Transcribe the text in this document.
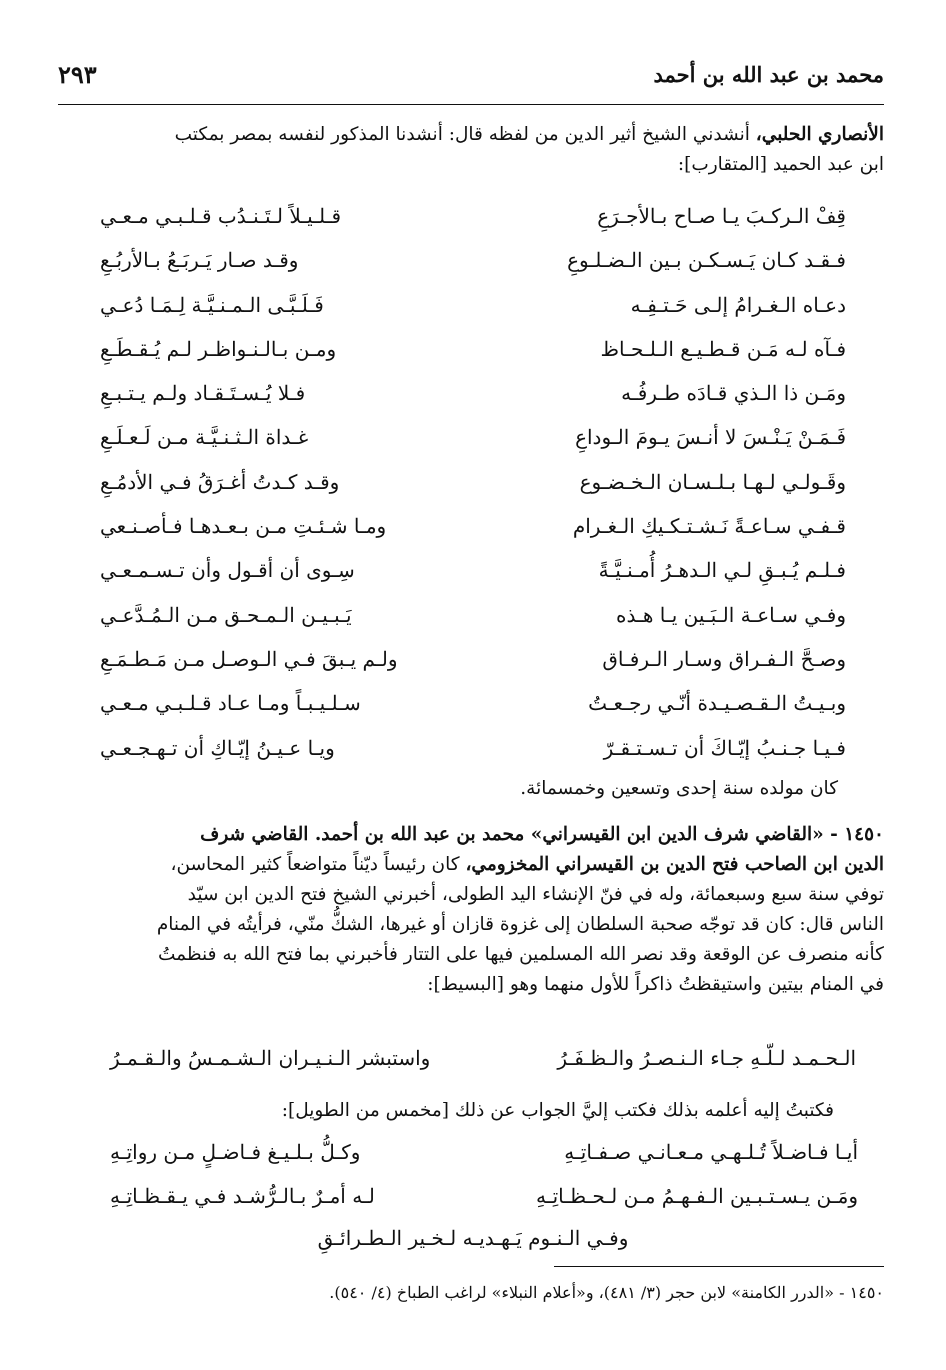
محمد بن عبد الله بن أحمد
٢٩٣
الأنصاري الحلبي، أنشدني الشيخ أثير الدين من لفظه قال: أنشدنا المذكور لنفسه بمصر بمكتب
ابن عبد الحميد [المتقارب]:
قِفْ الـركـبَ يـا صـاح بـالأجـرَعِ
قـلـيـلاً لـتَـنـدُب قـلـبـي مـعـي
فـقـد كـان يَـسـكـن بـين الـضـلـوعِ
وقـد صـار يَـربَـعُ بـالأربُـعِ
دعـاه الـغـرامُ إلـى حَـتـفِـه
فَـلَـبَّـى الـمـنـيَّـة لِـمَـا دُعـي
فـآه لـه مَـن قـطـيـع الـلـحـاظ
ومـن بـالـنـواظـر لـم يُـقـطَـعِ
ومَـن ذا الـذي قـادَه طـرفُـه
فـلا يُـسـتَـقـاد ولـم يـتـبـعِ
فَـمَـنْ يَـنْـسَ لا أنـسَ يـومَ الـوداعِ
غـداة الـثـنـيَّـة مـن لَـعـلَـعِ
وقَـولـي لـهـا بـلـسـان الـخـضـوع
وقـد كـدتُ أغـرَقُ فـي الأدمُـعِ
قـفـي سـاعـةً نَـشـتـكـيكِ الـغـرام
ومـا شـئـتِ مـن بـعـدهـا فـأصـنـعي
فـلـم يُـبـقِ لـي الـدهـرُ أُمـنـيَّـةً
سِـوى أن أقـول وأن تـسـمـعـي
وفـي سـاعـة الـبَـين يـا هـذه
يَـبـيـن الـمـحـق مـن الـمُـدَّعـي
وصـحَّ الـفـراق وسـار الـرفـاق
ولـم يـبقَ فـي الـوصـل مـن مَـطـمَـعِ
وبـيـتُ الـقـصـيـدة أنّـي رجـعـتُ
سـلـيـبـاً ومـا عـاد قـلـبـي مـعـي
فـيـا جـنـبُ إيّـاكَ أن تـسـتـقـرّ
ويـا عـيـنُ إيّـاكِ أن تـهـجـعـي
كان مولده سنة إحدى وتسعين وخمسمائة.
١٤٥٠ - «القاضي شرف الدين ابن القيسراني» محمد بن عبد الله بن أحمد. القاضي شرف
الدين ابن الصاحب فتح الدين بن القيسراني المخزومي، كان رئيساً ديّناً متواضعاً كثير المحاسن،
توفي سنة سبع وسبعمائة، وله في فنّ الإنشاء اليد الطولى، أخبرني الشيخ فتح الدين ابن سيّد
الناس قال: كان قد توجّه صحبة السلطان إلى غزوة قازان أو غيرها، الشكُّ منّي، فرأيتُه في المنام
كأنه منصرف عن الوقعة وقد نصر الله المسلمين فيها على التتار فأخبرني بما فتح الله به فنظمتُ
في المنام بيتين واستيقظتُ ذاكراً للأول منهما وهو [البسيط]:
الـحـمـد لـلّـهِ جـاء الـنـصـرُ والـظـفَـرُ
واستبشر الـنـيـران الـشـمـسُ والـقـمـرُ
فكتبتُ إليه أعلمه بذلك فكتب إليَّ الجواب عن ذلك [مخمس من الطويل]:
أيـا فـاضـلاً تُـلـهـي مـعـانـي صـفـاتِـهِ
وكـلُّ بـلـيـغ فـاضـلٍ مـن رواتِـهِ
ومَـن يـسـتـبـين الـفـهـمُ مـن لـحـظـاتِـهِ
لـه أمـرٌ بـالـرُّشـد فـي يـقـظـاتِـهِ
وفـي الـنـوم يَـهـديـه لـخـير الـطـرائـقِ
١٤٥٠ - «الدرر الكامنة» لابن حجر (٣/ ٤٨١)، و«أعلام النبلاء» لراغب الطباخ (٤/ ٥٤٠).
